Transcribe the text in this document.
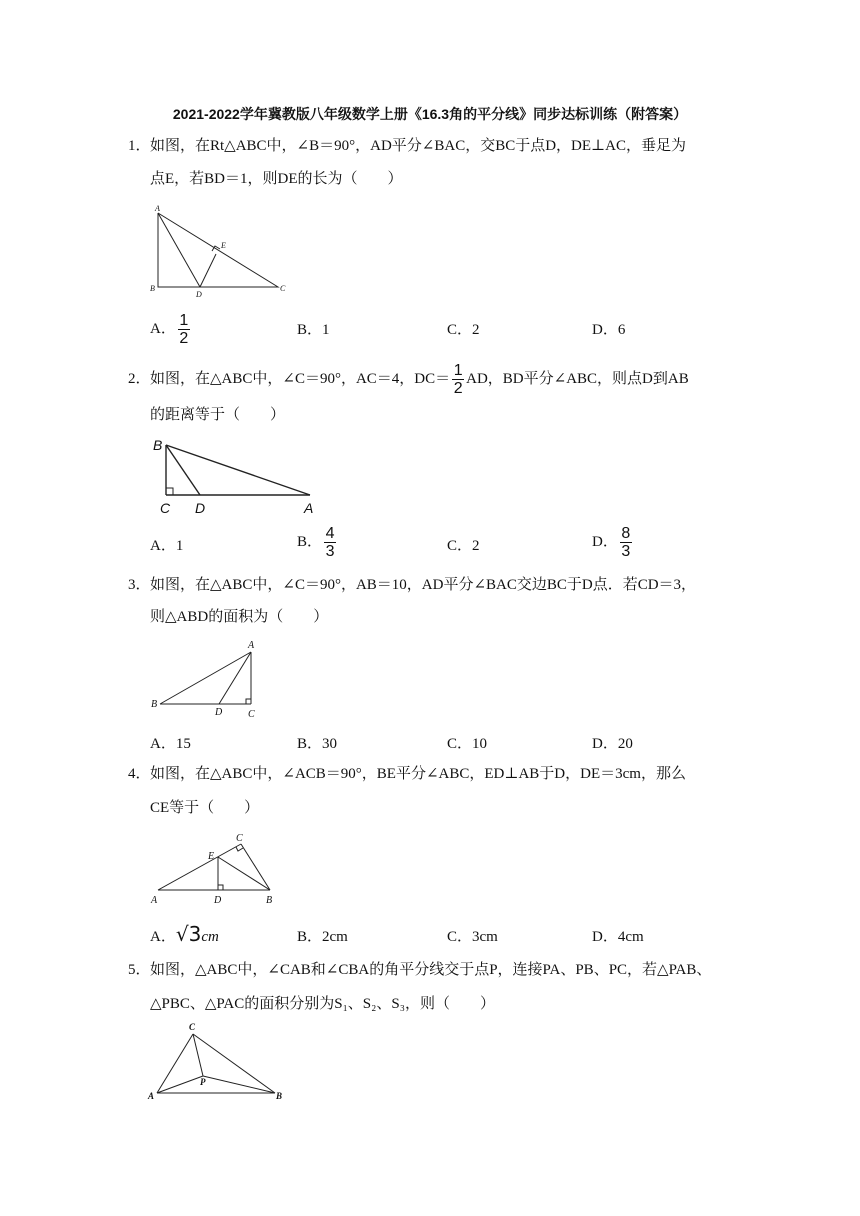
2021-2022学年冀教版八年级数学上册《16.3角的平分线》同步达标训练（附答案）
1．如图，在Rt△ABC中，∠B＝90°，AD平分∠BAC，交BC于点D，DE⊥AC，垂足为
点E，若BD＝1，则DE的长为（　　）
A
B	C
D
E
A． $\frac{1}{2}$	B．1	C．2	D．6
2．如图，在△ABC中，∠C＝90°，AC＝4，$DC= \frac{1}{2}$ AD，BD平分∠ABC，则点D到AB
的距离等于（　　）
B
C D	A
A．1	B． $\frac{4}{3}$	C．2	D． $\frac{8}{3}$
3．如图，在△ABC中，∠C＝90°，AB＝10，AD平分∠BAC交边BC于D点．若CD＝3，
则△ABD的面积为（　　）
A
B
D	C
A．15	B．30	C．10	D．20
4．如图，在△ABC中，∠ACB＝90°，BE平分∠ABC，ED⊥AB于D，DE＝3cm，那么
CE等于（　　）
C
E
A	D	B
A．√3cm	B．2cm	C．3cm	D．4cm
5．如图，△ABC中，∠CAB和∠CBA的角平分线交于点P，连接PA、PB、PC，若△PAB、
△PBC、△PAC的面积分别为S₁、S₂、S₃，则（　　）
C
A	B
P
